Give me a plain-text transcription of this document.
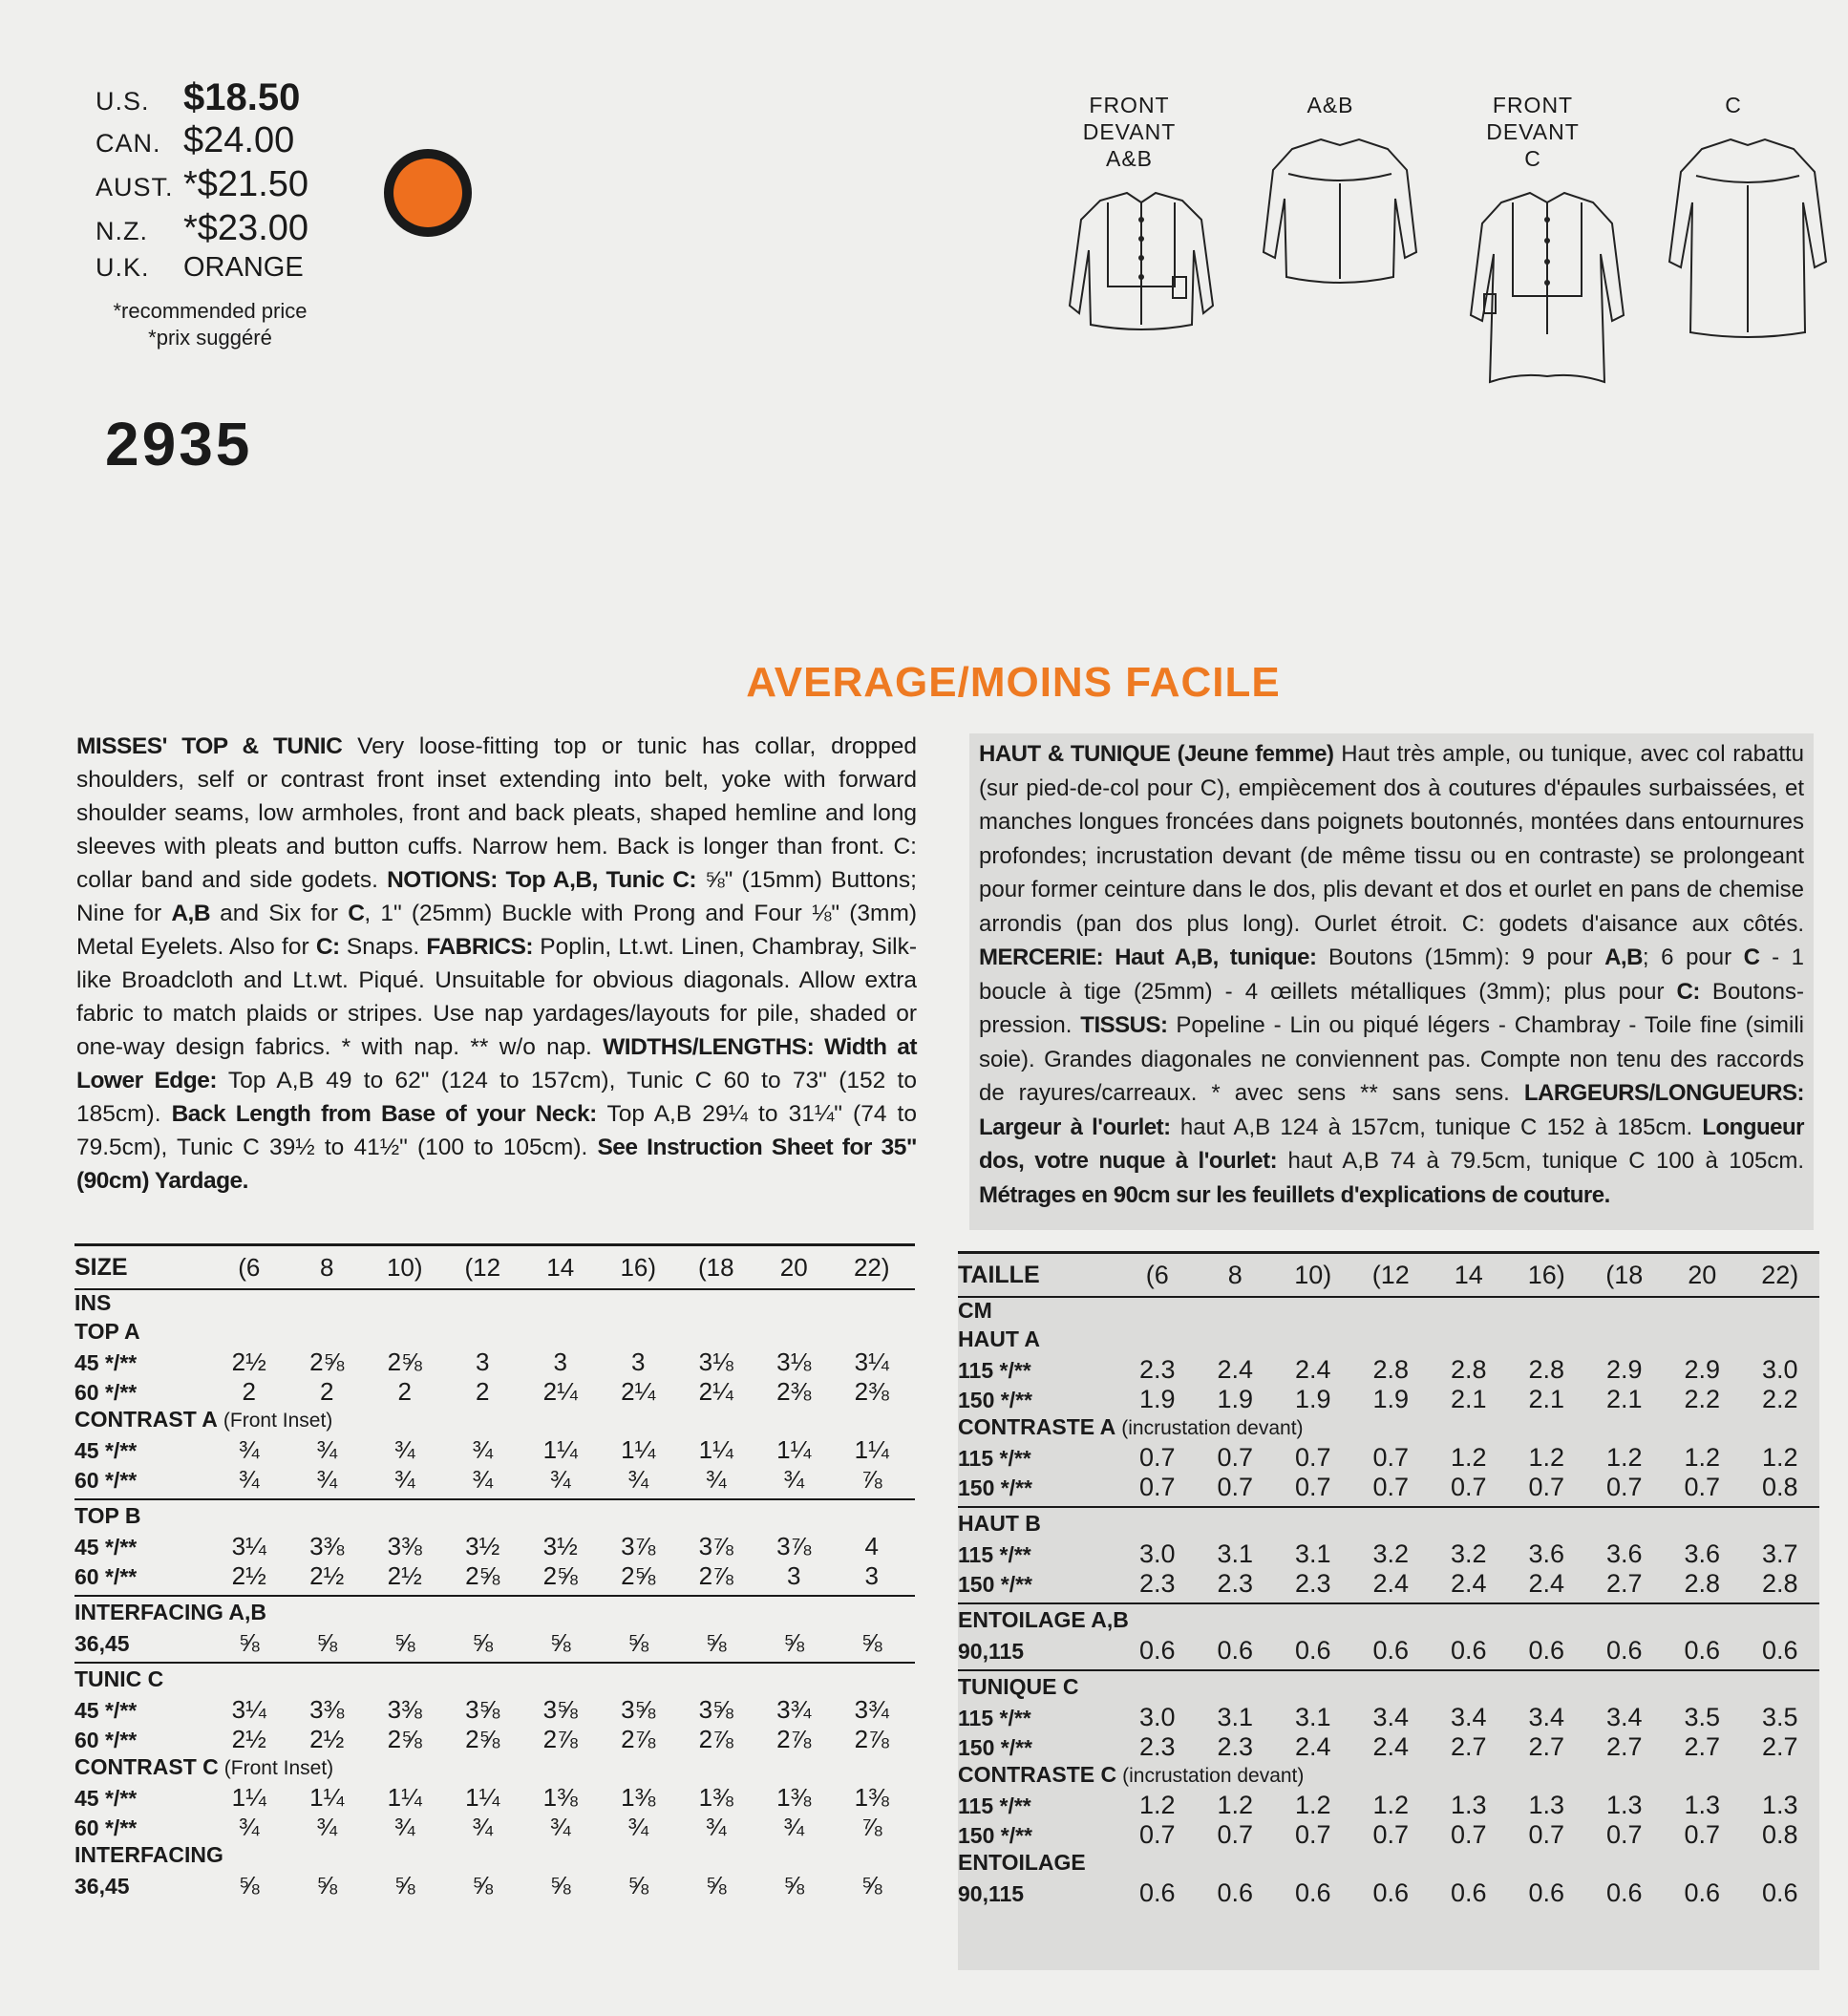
U.S. $18.50
CAN. $24.00
AUST. *$21.50
N.Z. *$23.00
U.K.	ORANGE
*recommended price
*prix suggéré
2935
FRONT
DEVANT
A&B
A&B	FRONT
DEVANT
C
C
AVERAGE/MOINS FACILE

MISSES' TOP & TUNIC Very loose-fitting top or tunic has collar, dropped shoulders, self or contrast front inset extending into belt, yoke with forward shoulder seams, low armholes, front and back pleats, shaped hemline and long sleeves with pleats and button cuffs. Narrow hem. Back is longer than front. C: collar band and side godets. NOTIONS: Top A,B, Tunic C: ⅝" (15mm) Buttons; Nine for A,B and Six for C, 1" (25mm) Buckle with Prong and Four ⅛" (3mm) Metal Eyelets. Also for C: Snaps. FABRICS: Poplin, Lt.wt. Linen, Chambray, Silk-like Broadcloth and Lt.wt. Piqué. Unsuitable for obvious diagonals. Allow extra fabric to match plaids or stripes. Use nap yardages/layouts for pile, shaded or one-way design fabrics. * with nap. ** w/o nap. WIDTHS/LENGTHS: Width at Lower Edge: Top A,B 49 to 62" (124 to 157cm), Tunic C 60 to 73" (152 to 185cm). Back Length from Base of your Neck: Top A,B 29¼ to 31¼" (74 to 79.5cm), Tunic C 39½ to 41½" (100 to 105cm). See Instruction Sheet for 35" (90cm) Yardage.

HAUT & TUNIQUE (Jeune femme) Haut très ample, ou tunique, avec col rabattu (sur pied-de-col pour C), empiècement dos à coutures d'épaules surbaissées, et manches longues froncées dans poignets boutonnés, montées dans entournures profondes; incrustation devant (de même tissu ou en contraste) se prolongeant pour former ceinture dans le dos, plis devant et dos et ourlet en pans de chemise arrondis (pan dos plus long). Ourlet étroit. C: godets d'aisance aux côtés. MERCERIE: Haut A,B, tunique: Boutons (15mm): 9 pour A,B; 6 pour C - 1 boucle à tige (25mm) - 4 œillets métalliques (3mm); plus pour C: Boutons-pression. TISSUS: Popeline - Lin ou piqué légers - Chambray - Toile fine (simili soie). Grandes diagonales ne conviennent pas. Compte non tenu des raccords de rayures/carreaux. * avec sens ** sans sens. LARGEURS/LONGUEURS: Largeur à l'ourlet: haut A,B 124 à 157cm, tunique C 152 à 185cm. Longueur dos, votre nuque à l'ourlet: haut A,B 74 à 79.5cm, tunique C 100 à 105cm. Métrages en 90cm sur les feuillets d'explications de couture.

SIZE	(6	8	10)	(12	14	16)	(18	20	22)
INS
TOP A
45 */**	2½	2⅝	2⅝	3	3	3	3⅛	3⅛	3¼
60 */**	2	2	2	2	2¼	2¼	2¼	2⅜	2⅜
CONTRAST A (Front Inset)
45 */**	¾	¾	¾	¾	1¼	1¼	1¼	1¼	1¼
60 */**	¾	¾	¾	¾	¾	¾	¾	¾	⅞
TOP B
45 */**	3¼	3⅜	3⅜	3½	3½	3⅞	3⅞	3⅞	4
60 */**	2½	2½	2½	2⅝	2⅝	2⅝	2⅞	3	3
INTERFACING A,B
36,45	⅝	⅝	⅝	⅝	⅝	⅝	⅝	⅝	⅝
TUNIC C
45 */**	3¼	3⅜	3⅜	3⅝	3⅝	3⅝	3⅝	3¾	3¾
60 */**	2½	2½	2⅝	2⅝	2⅞	2⅞	2⅞	2⅞	2⅞
CONTRAST C (Front Inset)
45 */**	1¼	1¼	1¼	1¼	1⅜	1⅜	1⅜	1⅜	1⅜
60 */**	¾	¾	¾	¾	¾	¾	¾	¾	⅞
INTERFACING
36,45	⅝	⅝	⅝	⅝	⅝	⅝	⅝	⅝	⅝
TAILLE	(6	8	10)	(12	14	16)	(18	20	22)
CM
HAUT A
115 */**	2.3	2.4	2.4	2.8	2.8	2.8	2.9	2.9	3.0
150 */**	1.9	1.9	1.9	1.9	2.1	2.1	2.1	2.2	2.2
CONTRASTE A (incrustation devant)
115 */**	0.7	0.7	0.7	0.7	1.2	1.2	1.2	1.2	1.2
150 */**	0.7	0.7	0.7	0.7	0.7	0.7	0.7	0.7	0.8
HAUT B
115 */**	3.0	3.1	3.1	3.2	3.2	3.6	3.6	3.6	3.7
150 */**	2.3	2.3	2.3	2.4	2.4	2.4	2.7	2.8	2.8
ENTOILAGE A,B
90,115	0.6	0.6	0.6	0.6	0.6	0.6	0.6	0.6	0.6
TUNIQUE C
115 */**	3.0	3.1	3.1	3.4	3.4	3.4	3.4	3.5	3.5
150 */**	2.3	2.3	2.4	2.4	2.7	2.7	2.7	2.7	2.7
CONTRASTE C (incrustation devant)
115 */**	1.2	1.2	1.2	1.2	1.3	1.3	1.3	1.3	1.3
150 */**	0.7	0.7	0.7	0.7	0.7	0.7	0.7	0.7	0.8
ENTOILAGE
90,115	0.6	0.6	0.6	0.6	0.6	0.6	0.6	0.6	0.6
